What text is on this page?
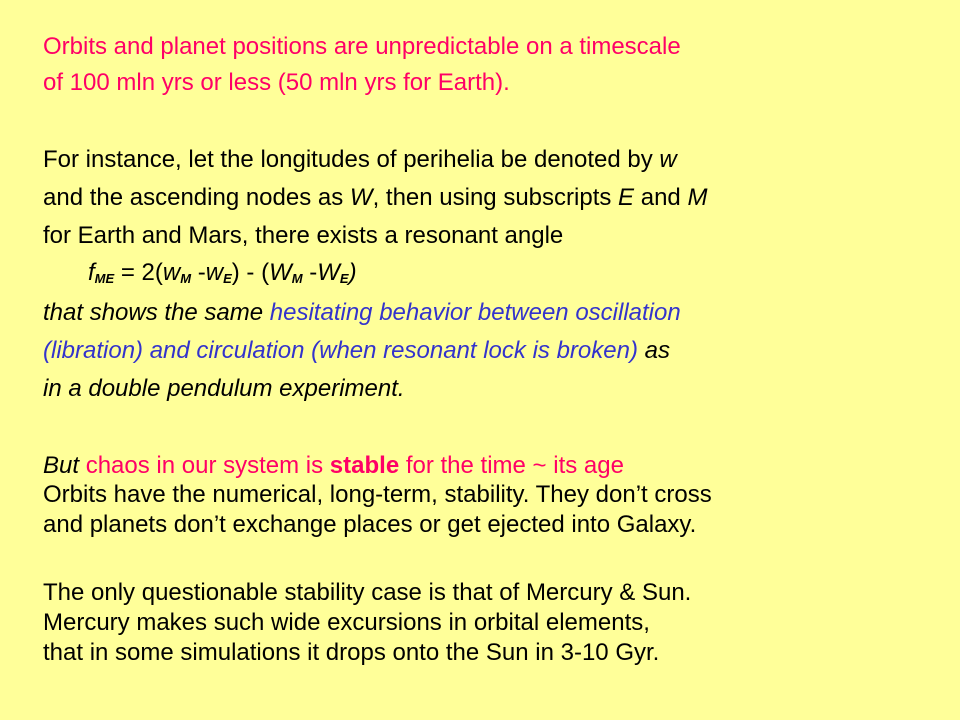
Orbits and planet positions are unpredictable on a timescale

of 100 mln yrs or less (50 mln yrs for Earth).

For instance, let the longitudes of perihelia be denoted by w

and the ascending nodes as W, then using subscripts E and M

for Earth and Mars, there exists a resonant angle

$f_{ME} = 2(w_M$ $-w_E) - (W_M$ $-W_E$)

that shows the same hesitating behavior between oscillation

(libration) and circulation (when resonant lock is broken) as

in a double pendulum experiment.

But chaos in our system is stable for the time ~ its age

Orbits have the numerical, long-term, stability. They don’t cross

and planets don’t exchange places or get ejected into Galaxy.

The only questionable stability case is that of Mercury & Sun.

Mercury makes such wide excursions in orbital elements,

that in some simulations it drops onto the Sun in 3-10 Gyr.
